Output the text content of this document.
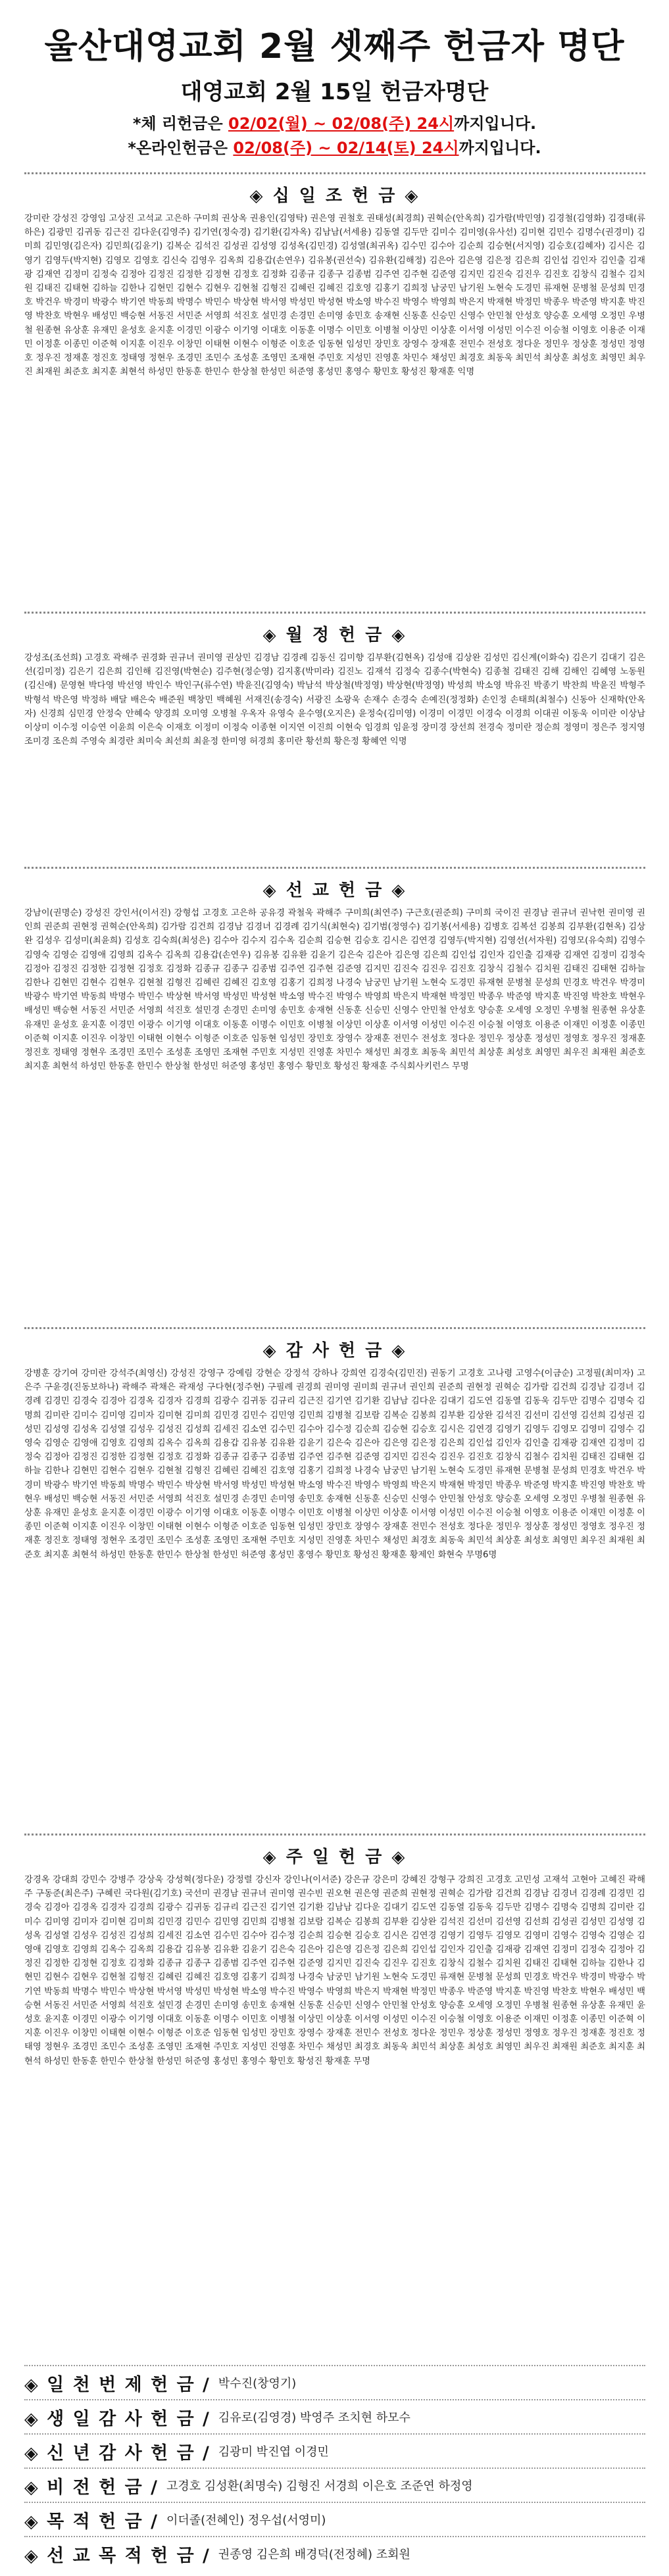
울산대영교회 2월 셋째주 헌금자 명단
대영교회 2월 15일 헌금자명단
*체 리헌금은 02/02(월) ~ 02/08(주) 24시까지입니다.
*온라인헌금은 02/08(주) ~ 02/14(토) 24시까지입니다.
◈ 십 일 조 헌 금 ◈
강미란 강성진 강영임 고상진 고석교 고은하 구미희 권상옥 권용인(김영탁) 권은영 권철호 권태성(최경희) 권혁순(안옥희) 김가람(박민영) 김경철(김영화) 김경태(류하은) 김광민 김귀동 김근진 김다운(김영주) 김기연(정숙경) 김기환(김자옥) 김남남(서세용) 김동열 김두만 김미수 김미영(유사선) 김미현 김민수 김명수(권경미) 김미희 김민영(김은자) 김민희(김윤기) 김복순 김석진 김성권 김성영 김성옥(김민경) 김성열(최귀옥) 김수민 김수아 김순희 김승현(서지영) 김승호(김혜자) 김시은 김영기 김영두(박지현) 김영모 김영호 김신숙 김영우 김옥희 김용갑(손연우) 김유봉(권선숙) 김유환(김해정) 김은아 김은영 김은정 김은희 김인섭 김인자 김인출 김재광 김재연 김정미 김정숙 김정아 김정진 김정한 김정현 김정호 김정화 김종규 김종구 김종범 김주연 김주현 김준영 김지민 김진숙 김진우 김진호 김창식 김철수 김치원 김태진 김태현 김하늘 김한나 김현민 김현수 김현우 김현철 김형진 김혜린 김혜진 김호영 김홍기 김희정 남궁민 남기원 노현숙 도경민 류재현 문병철 문성희 민경호 박건우 박경미 박광수 박기연 박동희 박명수 박민수 박상현 박서영 박성민 박성현 박소영 박수진 박영수 박영희 박은지 박재현 박정민 박종우 박준영 박지훈 박진영 박찬호 박현우 배성민 백승현 서동진 서민준 서영희 석진호 설민경 손경민 손미영 송민호 송재현 신동훈 신승민 신영수 안민철 안성호 양승훈 오세영 오정민 우병철 원종현 유상훈 유재민 윤성호 윤지훈 이경민 이광수 이기영 이대호 이동훈 이명수 이민호 이병철 이상민 이상훈 이서영 이성민 이수진 이승철 이영호 이용준 이재민 이정훈 이종민 이준혁 이지훈 이진우 이창민 이태현 이현수 이형준 이호준 임동현 임성민 장민호 장영수 장재훈 전민수 전성호 정다운 정민우 정상훈 정성민 정영호 정우진 정재훈 정진호 정태영 정현우 조경민 조민수 조성훈 조영민 조재현 주민호 지성민 진영훈 차민수 채성민 최경호 최동욱 최민석 최상훈 최성호 최영민 최우진 최재원 최준호 최지훈 최현석 하성민 한동훈 한민수 한상철 한성민 허준영 홍성민 홍영수 황민호 황성진 황재훈 익명
◈ 월 정 헌 금 ◈
강성조(조선희) 고경호 곽해주 권경화 권규녀 권미영 권상민 김경남 김경례 김동신 김미향 김부환(김현옥) 김성애 김상완 김성민 김신계(이화숙) 김은기 김대기 김은선(김미정) 김은기 김은희 김인해 김진영(박현순) 김주현(정순영) 김지홍(박미라) 김진노 김재석 김정숙 김종수(박현숙) 김종철 김태진 김해 김해인 김혜영 노동원(김신애) 문영현 박다영 박선영 박인수 박인구(류수연) 박윤진(김영숙) 박남석 박상철(박정영) 박상현(박정영) 박성희 박소영 박유진 박종기 박찬희 박윤진 박형주 박형석 박은영 박정하 배달 배은숙 배준원 백창민 백혜원 서재진(송경숙) 서광진 소광욱 손재수 손경숙 손예진(정정화) 손인정 손태희(최철수) 신동아 신재학(안옥자) 신경희 심민경 안정숙 안혜숙 양경희 오미영 오병철 우옥자 유영숙 윤수영(오지은) 윤정숙(김미영) 이경미 이경민 이경숙 이경희 이대권 이동욱 이미란 이상남 이상미 이수정 이승연 이윤희 이은숙 이재호 이정미 이정숙 이종현 이지연 이진희 이현숙 임경희 임윤정 장미경 장선희 전경숙 정미란 정순희 정영미 정은주 정지영 조미경 조은희 주영숙 최경란 최미숙 최선희 최윤정 한미영 허경희 홍미란 황선희 황은정 황혜연 익명
◈ 선 교 헌 금 ◈
강남이(권명순) 강성진 강인서(이서진) 강형섭 고경호 고은하 공유경 곽철욱 곽해주 구미희(최연주) 구근호(권준희) 구미희 국이진 권경남 권규녀 권낙헌 권미영 권인희 권준희 권현정 권혁순(안옥희) 김가람 김건희 김경남 김경녀 김경례 김기식(최현숙) 김기범(정영수) 김기봉(서세용) 김병호 김복선 김봉희 김부환(김현옥) 김상완 김성우 김성미(최윤희) 김성호 김숙희(최성은) 김수아 김수지 김수옥 김순희 김승현 김승호 김시은 김연경 김영두(박지현) 김영선(서자원) 김영모(유숙희) 김영수 김영숙 김영순 김영애 김영희 김옥수 김옥희 김용갑(손연우) 김유봉 김유환 김윤기 김은숙 김은아 김은영 김은희 김인섭 김인자 김인출 김재광 김재연 김정미 김정숙 김정아 김정진 김정한 김정현 김정호 김정화 김종규 김종구 김종범 김주연 김주현 김준영 김지민 김진숙 김진우 김진호 김창식 김철수 김치원 김태진 김태현 김하늘 김한나 김현민 김현수 김현우 김현철 김형진 김혜린 김혜진 김호영 김홍기 김희정 나경숙 남궁민 남기원 노현숙 도경민 류재현 문병철 문성희 민경호 박건우 박경미 박광수 박기연 박동희 박명수 박민수 박상현 박서영 박성민 박성현 박소영 박수진 박영수 박영희 박은지 박재현 박정민 박종우 박준영 박지훈 박진영 박찬호 박현우 배성민 백승현 서동진 서민준 서영희 석진호 설민경 손경민 손미영 송민호 송재현 신동훈 신승민 신영수 안민철 안성호 양승훈 오세영 오정민 우병철 원종현 유상훈 유재민 윤성호 윤지훈 이경민 이광수 이기영 이대호 이동훈 이명수 이민호 이병철 이상민 이상훈 이서영 이성민 이수진 이승철 이영호 이용준 이재민 이정훈 이종민 이준혁 이지훈 이진우 이창민 이태현 이현수 이형준 이호준 임동현 임성민 장민호 장영수 장재훈 전민수 전성호 정다운 정민우 정상훈 정성민 정영호 정우진 정재훈 정진호 정태영 정현우 조경민 조민수 조성훈 조영민 조재현 주민호 지성민 진영훈 차민수 채성민 최경호 최동욱 최민석 최상훈 최성호 최영민 최우진 최재원 최준호 최지훈 최현석 하성민 한동훈 한민수 한상철 한성민 허준영 홍성민 홍영수 황민호 황성진 황재훈 주식회사키런스 무명
◈ 감 사 헌 금 ◈
강병훈 강기여 강미란 강석주(최영신) 강성진 강영구 강예림 강현순 강정석 강하나 강희연 김경숙(김민진) 권동기 고경호 고나령 고영수(이금순) 고정필(최미자) 고은주 구윤경(진동보하나) 곽해주 곽채은 곽재성 구다현(정주현) 구필례 권경희 권미영 권미희 권규녀 권인희 권준희 권현정 권혁순 김가람 김건희 김경남 김경녀 김경례 김경민 김경숙 김경아 김경옥 김경자 김경희 김광수 김귀동 김규리 김근진 김기연 김기환 김남남 김다운 김대기 김도연 김동열 김동욱 김두만 김명수 김명숙 김명희 김미란 김미수 김미영 김미자 김미현 김미희 김민경 김민수 김민영 김민희 김병철 김보람 김복순 김봉희 김부환 김상완 김석진 김선미 김선영 김선희 김성권 김성민 김성영 김성옥 김성열 김성우 김성진 김성희 김세진 김소연 김수민 김수아 김수정 김순희 김승현 김승호 김시은 김연경 김영기 김영두 김영모 김영미 김영수 김영숙 김영순 김영애 김영호 김영희 김옥수 김옥희 김용갑 김유봉 김유환 김윤기 김은숙 김은아 김은영 김은정 김은희 김인섭 김인자 김인출 김재광 김재연 김정미 김정숙 김정아 김정진 김정한 김정현 김정호 김정화 김종규 김종구 김종범 김주연 김주현 김준영 김지민 김진숙 김진우 김진호 김창식 김철수 김치원 김태진 김태현 김하늘 김한나 김현민 김현수 김현우 김현철 김형진 김혜린 김혜진 김호영 김홍기 김희정 나경숙 남궁민 남기원 노현숙 도경민 류재현 문병철 문성희 민경호 박건우 박경미 박광수 박기연 박동희 박명수 박민수 박상현 박서영 박성민 박성현 박소영 박수진 박영수 박영희 박은지 박재현 박정민 박종우 박준영 박지훈 박진영 박찬호 박현우 배성민 백승현 서동진 서민준 서영희 석진호 설민경 손경민 손미영 송민호 송재현 신동훈 신승민 신영수 안민철 안성호 양승훈 오세영 오정민 우병철 원종현 유상훈 유재민 윤성호 윤지훈 이경민 이광수 이기영 이대호 이동훈 이명수 이민호 이병철 이상민 이상훈 이서영 이성민 이수진 이승철 이영호 이용준 이재민 이정훈 이종민 이준혁 이지훈 이진우 이창민 이태현 이현수 이형준 이호준 임동현 임성민 장민호 장영수 장재훈 전민수 전성호 정다운 정민우 정상훈 정성민 정영호 정우진 정재훈 정진호 정태영 정현우 조경민 조민수 조성훈 조영민 조재현 주민호 지성민 진영훈 차민수 채성민 최경호 최동욱 최민석 최상훈 최성호 최영민 최우진 최재원 최준호 최지훈 최현석 하성민 한동훈 한민수 한상철 한성민 허준영 홍성민 홍영수 황민호 황성진 황재훈 황제인 화현숙 무명6명
◈ 주 일 헌 금 ◈
강경옥 강대희 강민수 강병주 강상욱 강성혁(정다운) 강정렬 강신자 강인나(이서준) 강은규 강은미 강혜진 강형구 강희진 고경호 고민성 고재석 고현아 고혜진 곽해주 구동준(최은주) 구혜린 국다원(김기호) 국선미 권경남 권규녀 권미영 권수빈 권오현 권은영 권준희 권현정 권혁순 김가람 김건희 김경남 김경녀 김경례 김경민 김경숙 김경아 김경옥 김경자 김경희 김광수 김귀동 김규리 김근진 김기연 김기환 김남남 김다운 김대기 김도연 김동열 김동욱 김두만 김명수 김명숙 김명희 김미란 김미수 김미영 김미자 김미현 김미희 김민경 김민수 김민영 김민희 김병철 김보람 김복순 김봉희 김부환 김상완 김석진 김선미 김선영 김선희 김성권 김성민 김성영 김성옥 김성열 김성우 김성진 김성희 김세진 김소연 김수민 김수아 김수정 김순희 김승현 김승호 김시은 김연경 김영기 김영두 김영모 김영미 김영수 김영숙 김영순 김영애 김영호 김영희 김옥수 김옥희 김용갑 김유봉 김유환 김윤기 김은숙 김은아 김은영 김은정 김은희 김인섭 김인자 김인출 김재광 김재연 김정미 김정숙 김정아 김정진 김정한 김정현 김정호 김정화 김종규 김종구 김종범 김주연 김주현 김준영 김지민 김진숙 김진우 김진호 김창식 김철수 김치원 김태진 김태현 김하늘 김한나 김현민 김현수 김현우 김현철 김형진 김혜린 김혜진 김호영 김홍기 김희정 나경숙 남궁민 남기원 노현숙 도경민 류재현 문병철 문성희 민경호 박건우 박경미 박광수 박기연 박동희 박명수 박민수 박상현 박서영 박성민 박성현 박소영 박수진 박영수 박영희 박은지 박재현 박정민 박종우 박준영 박지훈 박진영 박찬호 박현우 배성민 백승현 서동진 서민준 서영희 석진호 설민경 손경민 손미영 송민호 송재현 신동훈 신승민 신영수 안민철 안성호 양승훈 오세영 오정민 우병철 원종현 유상훈 유재민 윤성호 윤지훈 이경민 이광수 이기영 이대호 이동훈 이명수 이민호 이병철 이상민 이상훈 이서영 이성민 이수진 이승철 이영호 이용준 이재민 이정훈 이종민 이준혁 이지훈 이진우 이창민 이태현 이현수 이형준 이호준 임동현 임성민 장민호 장영수 장재훈 전민수 전성호 정다운 정민우 정상훈 정성민 정영호 정우진 정재훈 정진호 정태영 정현우 조경민 조민수 조성훈 조영민 조재현 주민호 지성민 진영훈 차민수 채성민 최경호 최동욱 최민석 최상훈 최성호 최영민 최우진 최재원 최준호 최지훈 최현석 하성민 한동훈 한민수 한상철 한성민 허준영 홍성민 홍영수 황민호 황성진 황재훈 무명
◈ 일 천 번 제 헌 금 / 박수진(창영기)
◈ 생 일 감 사 헌 금 / 김유로(김영경) 박영주 조치현 하모수
◈ 신 년 감 사 헌 금 / 김광미 박진엽 이경민
◈ 비 전 헌 금 / 고경호 김성환(최명숙) 김형진 서경희 이은호 조준연 하정영
◈ 목 적 헌 금 / 이더졸(전혜인) 정우섭(서영미)
◈ 선 교 목 적 헌 금 / 권종영 김은희 배경덕(전정혜) 조회원
